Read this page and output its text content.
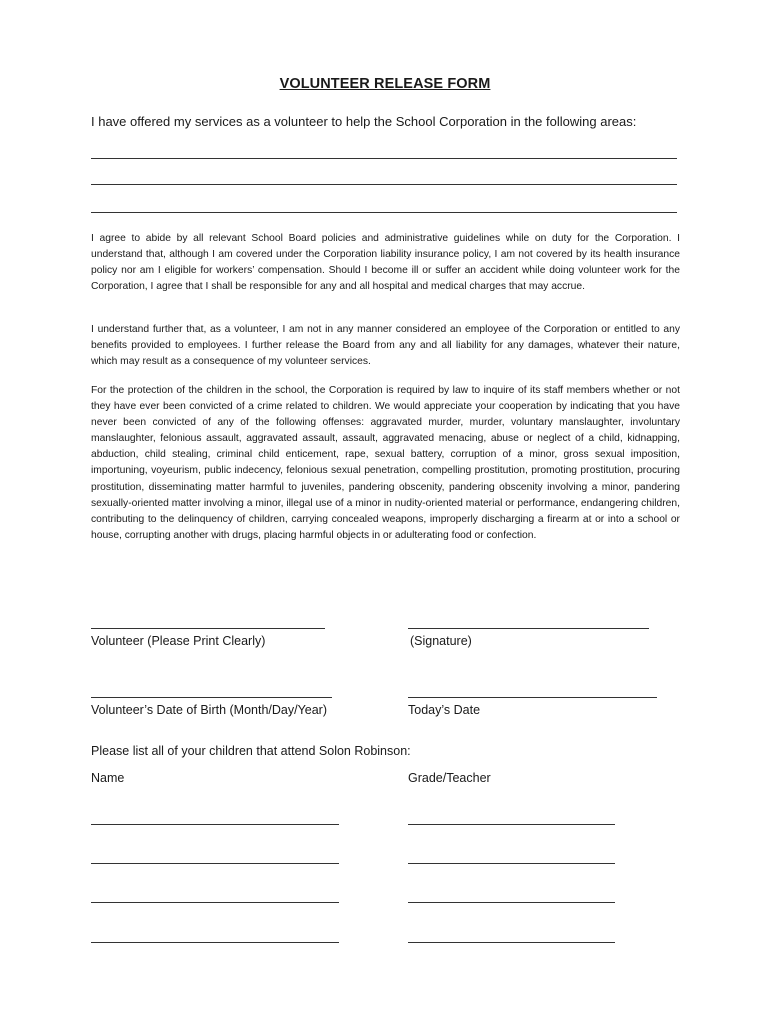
VOLUNTEER RELEASE FORM
I have offered my services as a volunteer to help the School Corporation in the following areas:

I agree to abide by all relevant School Board policies and administrative guidelines while on duty for the Corporation. I understand that, although I am covered under the Corporation liability insurance policy, I am not covered by its health insurance policy nor am I eligible for workers’ compensation. Should I become ill or suffer an accident while doing volunteer work for the Corporation, I agree that I shall be responsible for any and all hospital and medical charges that may accrue.

I understand further that, as a volunteer, I am not in any manner considered an employee of the Corporation or entitled to any benefits provided to employees. I further release the Board from any and all liability for any damages, whatever their nature, which may result as a consequence of my volunteer services.

For the protection of the children in the school, the Corporation is required by law to inquire of its staff members whether or not they have ever been convicted of a crime related to children. We would appreciate your cooperation by indicating that you have never been convicted of any of the following offenses: aggravated murder, murder, voluntary manslaughter, involuntary manslaughter, felonious assault, aggravated assault, assault, aggravated menacing, abuse or neglect of a child, kidnapping, abduction, child stealing, criminal child enticement, rape, sexual battery, corruption of a minor, gross sexual imposition, importuning, voyeurism, public indecency, felonious sexual penetration, compelling prostitution, promoting prostitution, procuring prostitution, disseminating matter harmful to juveniles, pandering obscenity, pandering obscenity involving a minor, pandering sexually-oriented matter involving a minor, illegal use of a minor in nudity-oriented material or performance, endangering children, contributing to the delinquency of children, carrying concealed weapons, improperly discharging a firearm at or into a school or house, corrupting another with drugs, placing harmful objects in or adulterating food or confection.

Volunteer (Please Print Clearly)	(Signature)
Volunteer’s Date of Birth (Month/Day/Year)	Today’s Date
Please list all of your children that attend Solon Robinson:
Name	Grade/Teacher
